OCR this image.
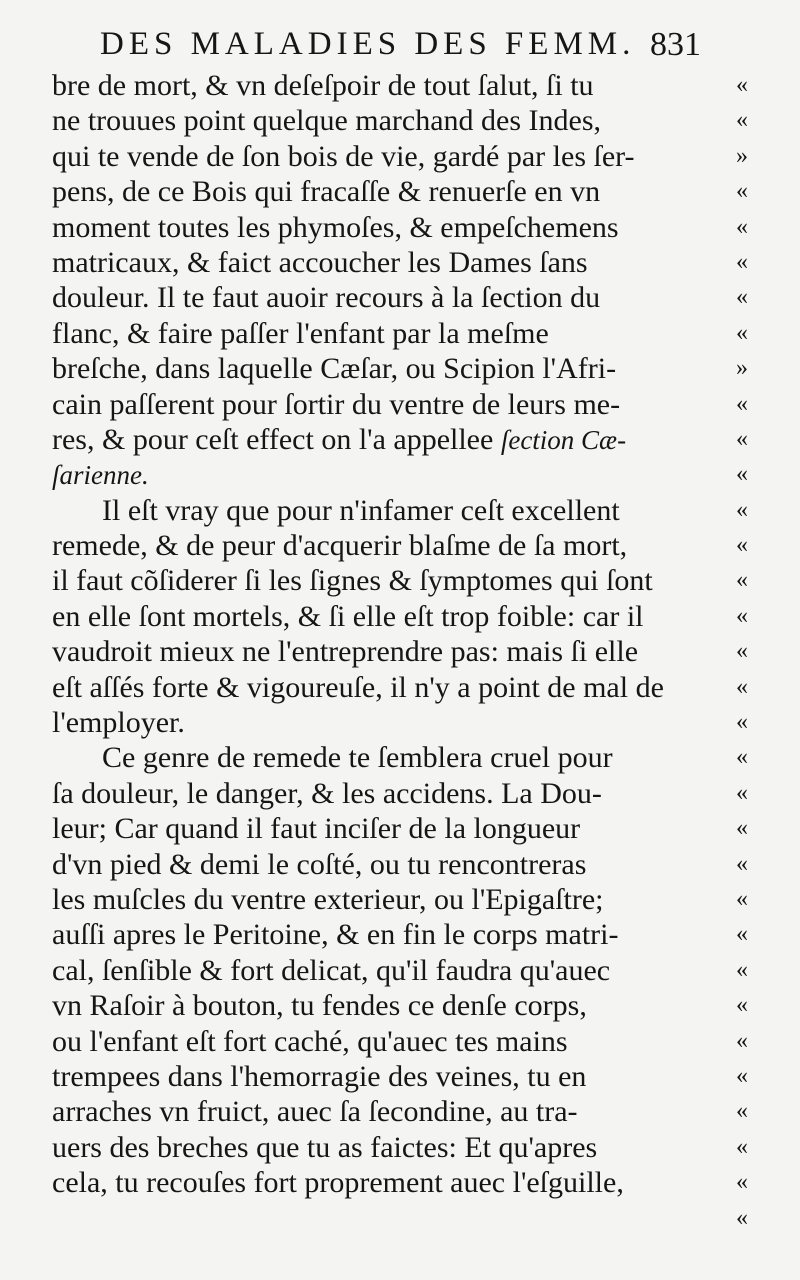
DES MALADIES DES FEMM. 831
bre de mort, & vn deſeſpoir de tout ſalut, ſi tu
ne trouues point quelque marchand des Indes,
qui te vende de ſon bois de vie, gardé par les ſer-
pens, de ce Bois qui fracaſſe & renuerſe en vn
moment toutes les phymoſes, & empeſchemens
matricaux, & faict accoucher les Dames ſans
douleur. Il te faut auoir recours à la ſection du
flanc, & faire paſſer l'enfant par la meſme
breſche, dans laquelle Cæſar, ou Scipion l'Afri-
cain paſſerent pour ſortir du ventre de leurs me-
res, & pour ceſt effect on l'a appellee ſection Cæ-
ſarienne.
Il eſt vray que pour n'infamer ceſt excellent
remede, & de peur d'acquerir blaſme de ſa mort,
il faut cõſiderer ſi les ſignes & ſymptomes qui ſont
en elle ſont mortels, & ſi elle eſt trop foible: car il
vaudroit mieux ne l'entreprendre pas: mais ſi elle
eſt aſſés forte & vigoureuſe, il n'y a point de mal de
l'employer.
Ce genre de remede te ſemblera cruel pour
ſa douleur, le danger, & les accidens. La Dou-
leur; Car quand il faut inciſer de la longueur
d'vn pied & demi le coſté, ou tu rencontreras
les muſcles du ventre exterieur, ou l'Epigaſtre;
auſſi apres le Peritoine, & en fin le corps matri-
cal, ſenſible & fort delicat, qu'il faudra qu'auec
vn Raſoir à bouton, tu fendes ce denſe corps,
ou l'enfant eſt fort caché, qu'auec tes mains
trempees dans l'hemorragie des veines, tu en
arraches vn fruict, auec ſa ſecondine, au tra-
uers des breches que tu as faictes: Et qu'apres
cela, tu recouſes fort proprement auec l'eſguille,
«
«
»
«
«
«
«
«
»
«
«
«
«
«
«
«
«
«
«
«
«
«
«
«
«
«
«
«
«
«
«
«
«
